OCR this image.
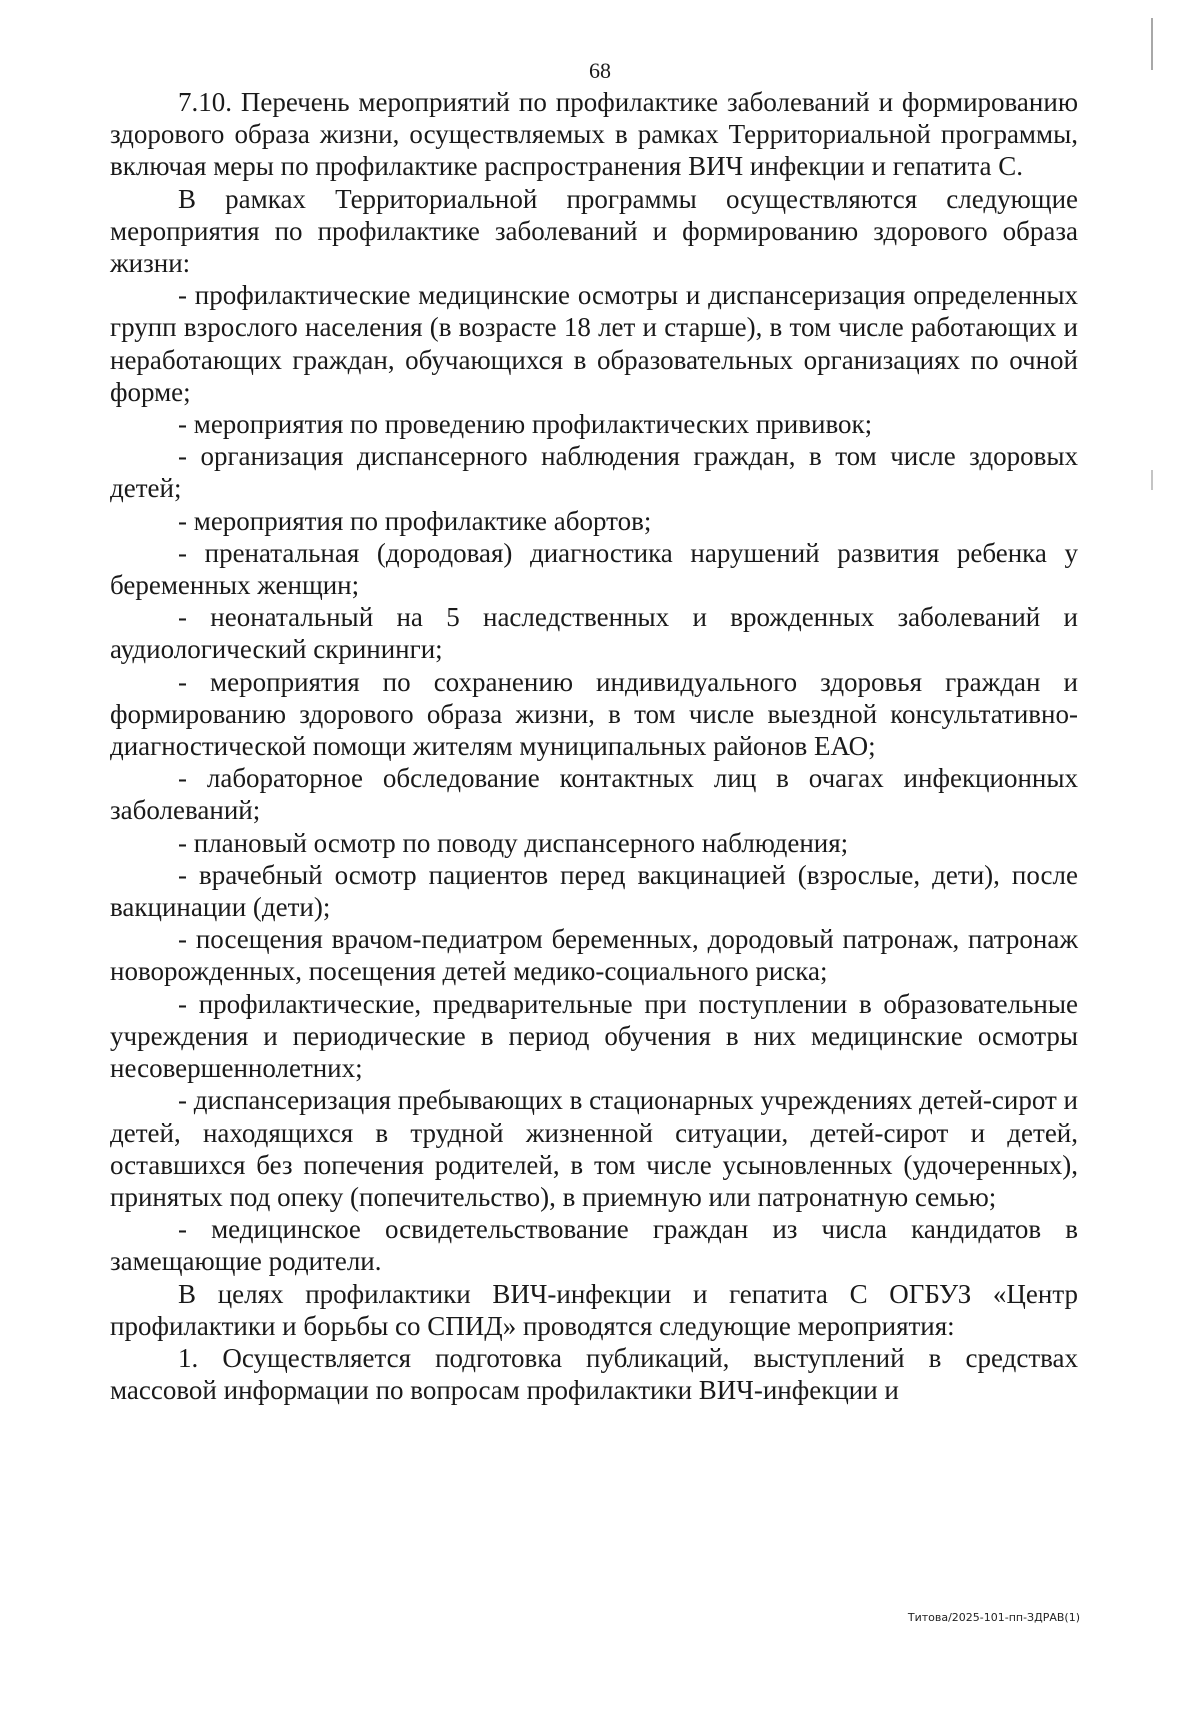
68

7.10. Перечень мероприятий по профилактике заболеваний и формированию здорового образа жизни, осуществляемых в рамках Территориальной программы, включая меры по профилактике распространения ВИЧ инфекции и гепатита С.

В рамках Территориальной программы осуществляются следующие мероприятия по профилактике заболеваний и формированию здорового образа жизни:

- профилактические медицинские осмотры и диспансеризация определенных групп взрослого населения (в возрасте 18 лет и старше), в том числе работающих и неработающих граждан, обучающихся в образовательных организациях по очной форме;

- мероприятия по проведению профилактических прививок;

- организация диспансерного наблюдения граждан, в том числе здоровых детей;

- мероприятия по профилактике абортов;

- пренатальная (дородовая) диагностика нарушений развития ребенка у беременных женщин;

- неонатальный на 5 наследственных и врожденных заболеваний и аудиологический скрининги;

- мероприятия по сохранению индивидуального здоровья граждан и формированию здорового образа жизни, в том числе выездной консультативно-диагностической помощи жителям муниципальных районов ЕАО;

- лабораторное обследование контактных лиц в очагах инфекционных заболеваний;

- плановый осмотр по поводу диспансерного наблюдения;

- врачебный осмотр пациентов перед вакцинацией (взрослые, дети), после вакцинации (дети);

- посещения врачом-педиатром беременных, дородовый патронаж, патронаж новорожденных, посещения детей медико-социального риска;

- профилактические, предварительные при поступлении в образовательные учреждения и периодические в период обучения в них медицинские осмотры несовершеннолетних;

- диспансеризация пребывающих в стационарных учреждениях детей-сирот и детей, находящихся в трудной жизненной ситуации, детей-сирот и детей, оставшихся без попечения родителей, в том числе усыновленных (удочеренных), принятых под опеку (попечительство), в приемную или патронатную семью;

- медицинское освидетельствование граждан из числа кандидатов в замещающие родители.

В целях профилактики ВИЧ-инфекции и гепатита С ОГБУЗ «Центр профилактики и борьбы со СПИД» проводятся следующие мероприятия:

1. Осуществляется подготовка публикаций, выступлений в средствах массовой информации по вопросам профилактики ВИЧ-инфекции и

Титова/2025-101-пп-ЗДРАВ(1)
